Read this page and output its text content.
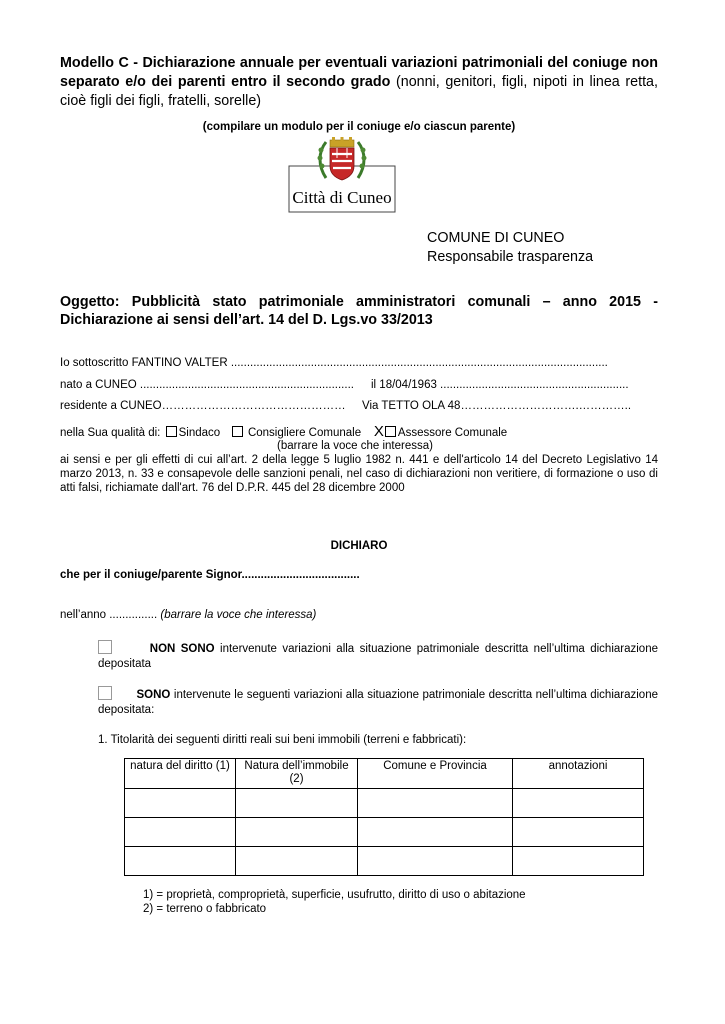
Modello C - Dichiarazione annuale per eventuali variazioni patrimoniali del coniuge non separato e/o dei parenti entro il secondo grado (nonni, genitori, figli, nipoti in linea retta, cioè figli dei figli, fratelli, sorelle)
(compilare un modulo per il coniuge e/o ciascun parente)
Città di Cuneo
COMUNE DI CUNEO
Responsabile trasparenza
Oggetto: Pubblicità stato patrimoniale amministratori comunali – anno 2015 - Dichiarazione ai sensi dell’art. 14 del D. Lgs.vo 33/2013
Io sottoscritto FANTINO VALTER ......................................................................................................................
nato a CUNEO ................................................................... il 18/04/1963 ...........................................................
residente a CUNEO………………………………………… Via TETTO OLA 48………………………….…………..
nella Sua qualità di: Sindaco Consigliere Comunale X Assessore Comunale
(barrare la voce che interessa)
ai sensi e per gli effetti di cui all’art. 2 della legge 5 luglio 1982 n. 441 e dell'articolo 14 del Decreto Legislativo 14 marzo 2013, n. 33 e consapevole delle sanzioni penali, nel caso di dichiarazioni non veritiere, di formazione o uso di atti falsi, richiamate dall'art. 76 del D.P.R. 445 del 28 dicembre 2000
DICHIARO
che per il coniuge/parente Signor.....................................
nell’anno ............... (barrare la voce che interessa)
NON SONO intervenute variazioni alla situazione patrimoniale descritta nell’ultima dichiarazione depositata
SONO intervenute le seguenti variazioni alla situazione patrimoniale descritta nell’ultima dichiarazione depositata:
1. Titolarità dei seguenti diritti reali sui beni immobili (terreni e fabbricati):
natura del diritto (1)	Natura dell’immobile (2)	Comune e Provincia	annotazioni

1) = proprietà, comproprietà, superficie, usufrutto, diritto di uso o abitazione
2) = terreno o fabbricato
